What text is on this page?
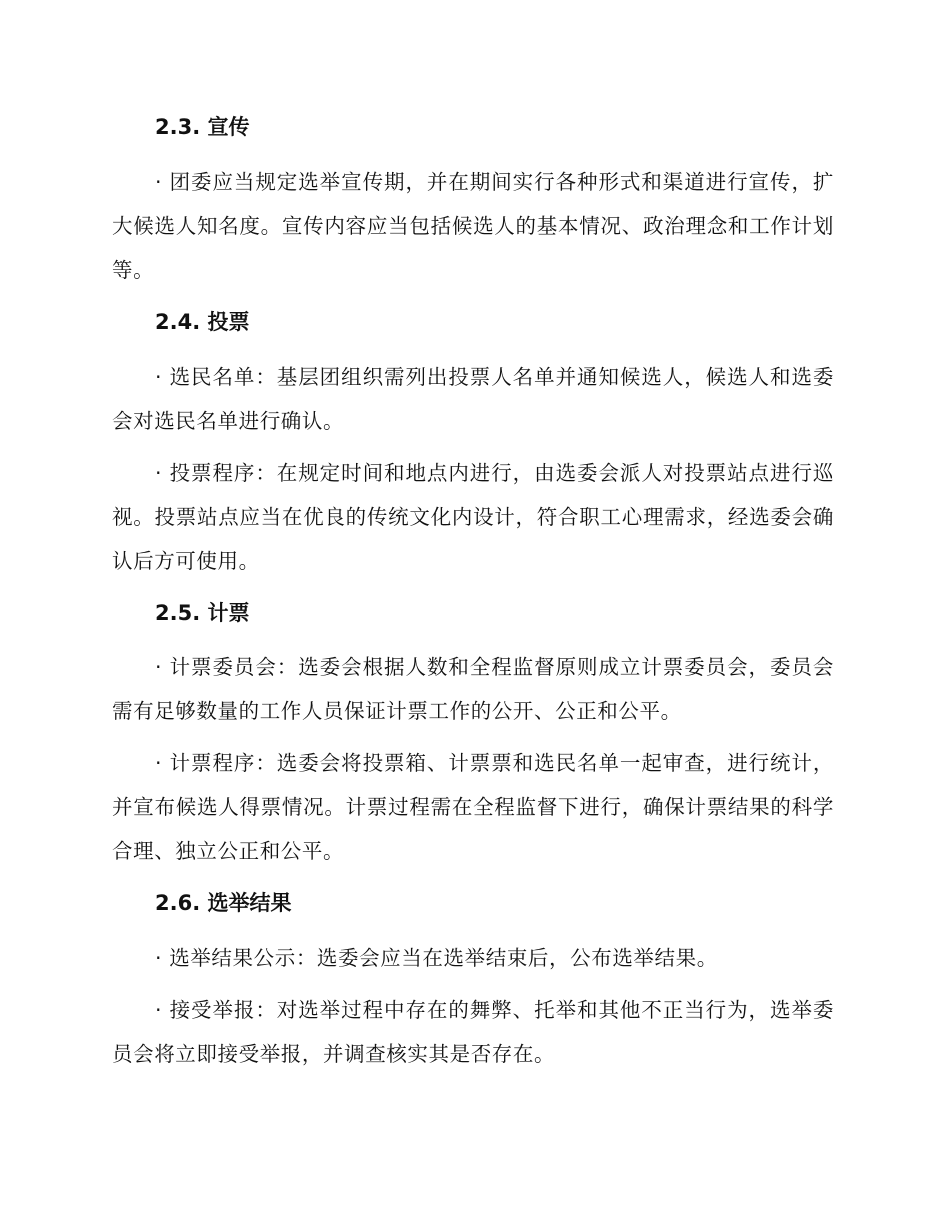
2.3. 宣传

· 团委应当规定选举宣传期，并在期间实行各种形式和渠道进行宣传，扩大候选人知名度。宣传内容应当包括候选人的基本情况、政治理念和工作计划等。

2.4. 投票

· 选民名单：基层团组织需列出投票人名单并通知候选人，候选人和选委会对选民名单进行确认。

· 投票程序：在规定时间和地点内进行，由选委会派人对投票站点进行巡视。投票站点应当在优良的传统文化内设计，符合职工心理需求，经选委会确认后方可使用。

2.5. 计票

· 计票委员会：选委会根据人数和全程监督原则成立计票委员会，委员会需有足够数量的工作人员保证计票工作的公开、公正和公平。

· 计票程序：选委会将投票箱、计票票和选民名单一起审查，进行统计，并宣布候选人得票情况。计票过程需在全程监督下进行，确保计票结果的科学合理、独立公正和公平。

2.6. 选举结果

· 选举结果公示：选委会应当在选举结束后，公布选举结果。

· 接受举报：对选举过程中存在的舞弊、托举和其他不正当行为，选举委员会将立即接受举报，并调查核实其是否存在。
